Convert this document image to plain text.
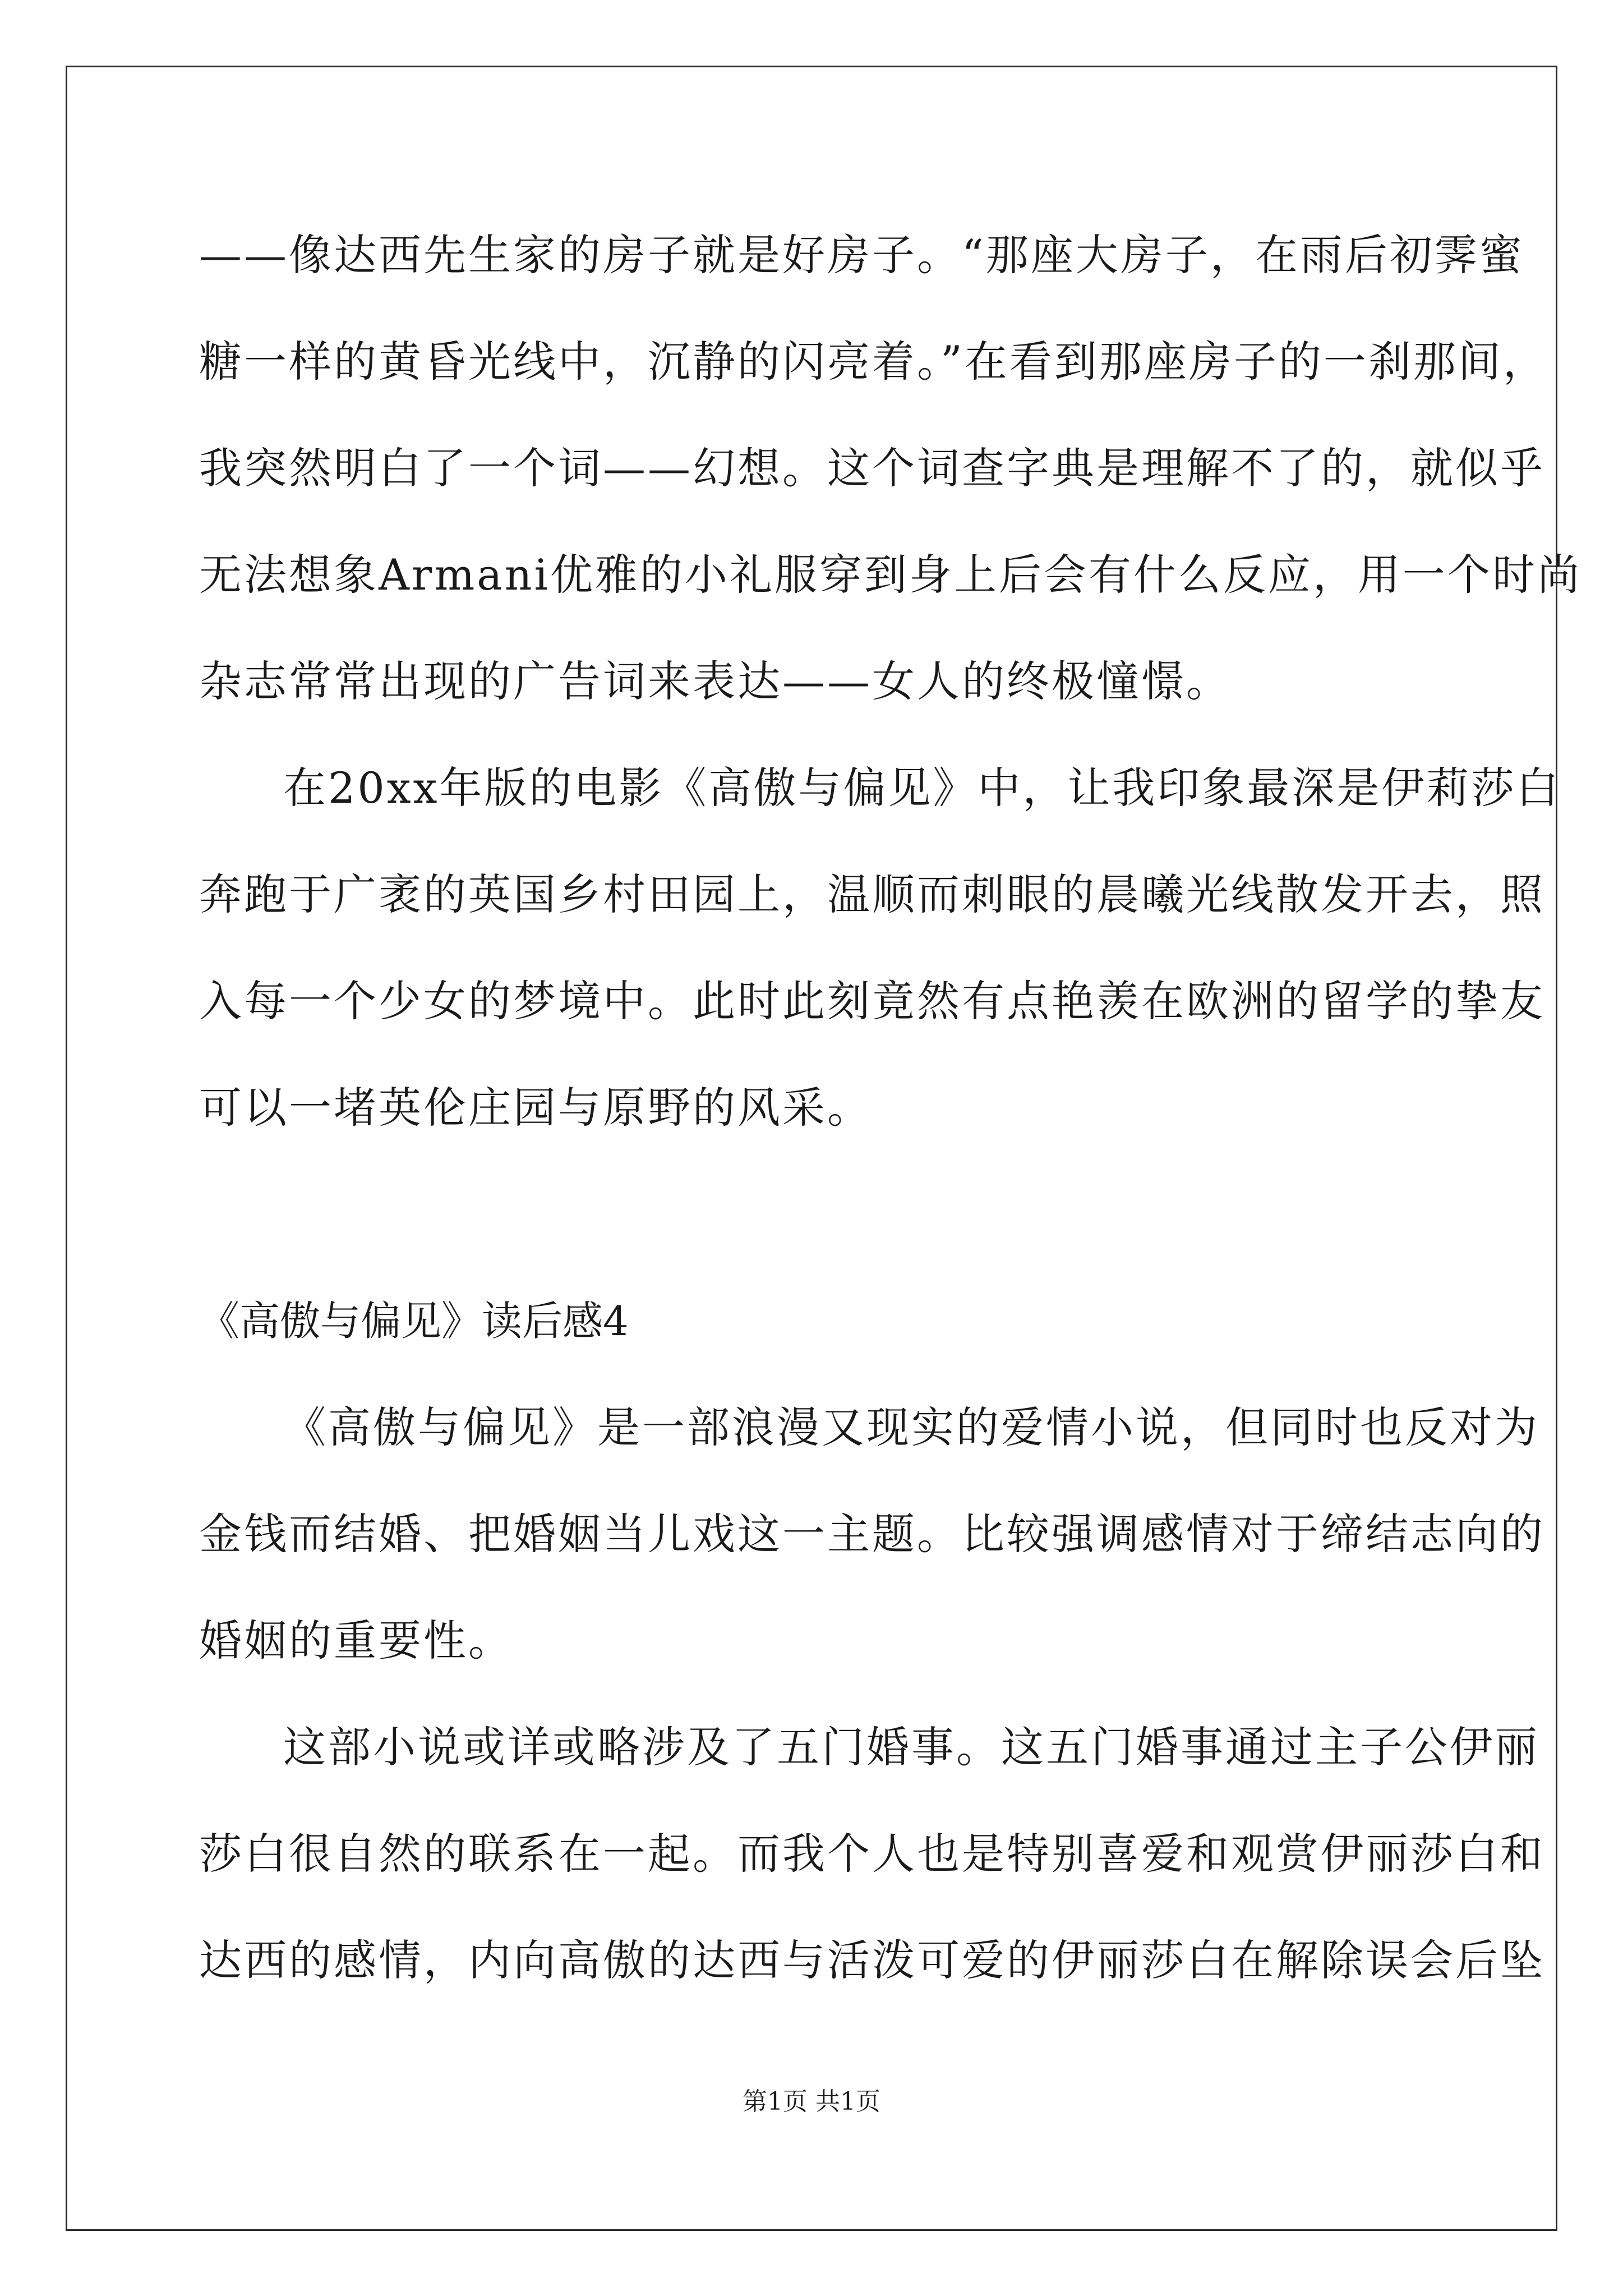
——像达西先生家的房子就是好房子。“那座大房子，在雨后初霁蜜
糖一样的黄昏光线中，沉静的闪亮着。”在看到那座房子的一刹那间，
我突然明白了一个词——幻想。这个词查字典是理解不了的，就似乎
无法想象Armani优雅的小礼服穿到身上后会有什么反应，用一个时尚
杂志常常出现的广告词来表达——女人的终极憧憬。
在20xx年版的电影《高傲与偏见》中，让我印象最深是伊莉莎白
奔跑于广袤的英国乡村田园上，温顺而刺眼的晨曦光线散发开去，照
入每一个少女的梦境中。此时此刻竟然有点艳羡在欧洲的留学的挚友
可以一堵英伦庄园与原野的风采。
《高傲与偏见》读后感4
《高傲与偏见》是一部浪漫又现实的爱情小说，但同时也反对为
金钱而结婚、把婚姻当儿戏这一主题。比较强调感情对于缔结志向的
婚姻的重要性。
这部小说或详或略涉及了五门婚事。这五门婚事通过主子公伊丽
莎白很自然的联系在一起。而我个人也是特别喜爱和观赏伊丽莎白和
达西的感情，内向高傲的达西与活泼可爱的伊丽莎白在解除误会后坠
第1页 共1页
